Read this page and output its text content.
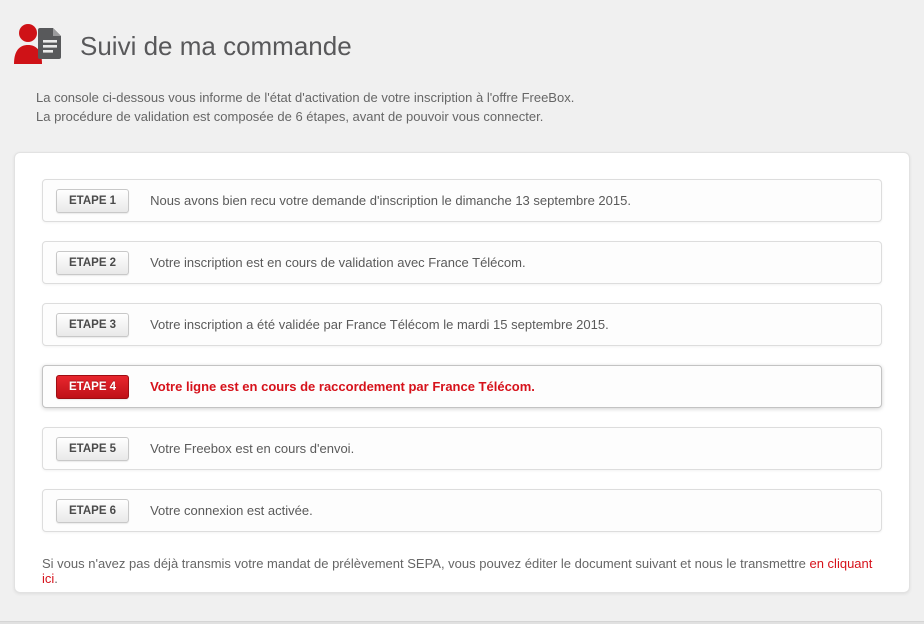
Suivi de ma commande
La console ci-dessous vous informe de l'état d'activation de votre inscription à l'offre FreeBox.
La procédure de validation est composée de 6 étapes, avant de pouvoir vous connecter.
ETAPE 1	Nous avons bien recu votre demande d'inscription le dimanche 13 septembre 2015.
ETAPE 2	Votre inscription est en cours de validation avec France Télécom.
ETAPE 3	Votre inscription a été validée par France Télécom le mardi 15 septembre 2015.
ETAPE 4	Votre ligne est en cours de raccordement par France Télécom.
ETAPE 5	Votre Freebox est en cours d'envoi.
ETAPE 6	Votre connexion est activée.
Si vous n'avez pas déjà transmis votre mandat de prélèvement SEPA, vous pouvez éditer le document suivant et nous le transmettre en cliquant ici.
